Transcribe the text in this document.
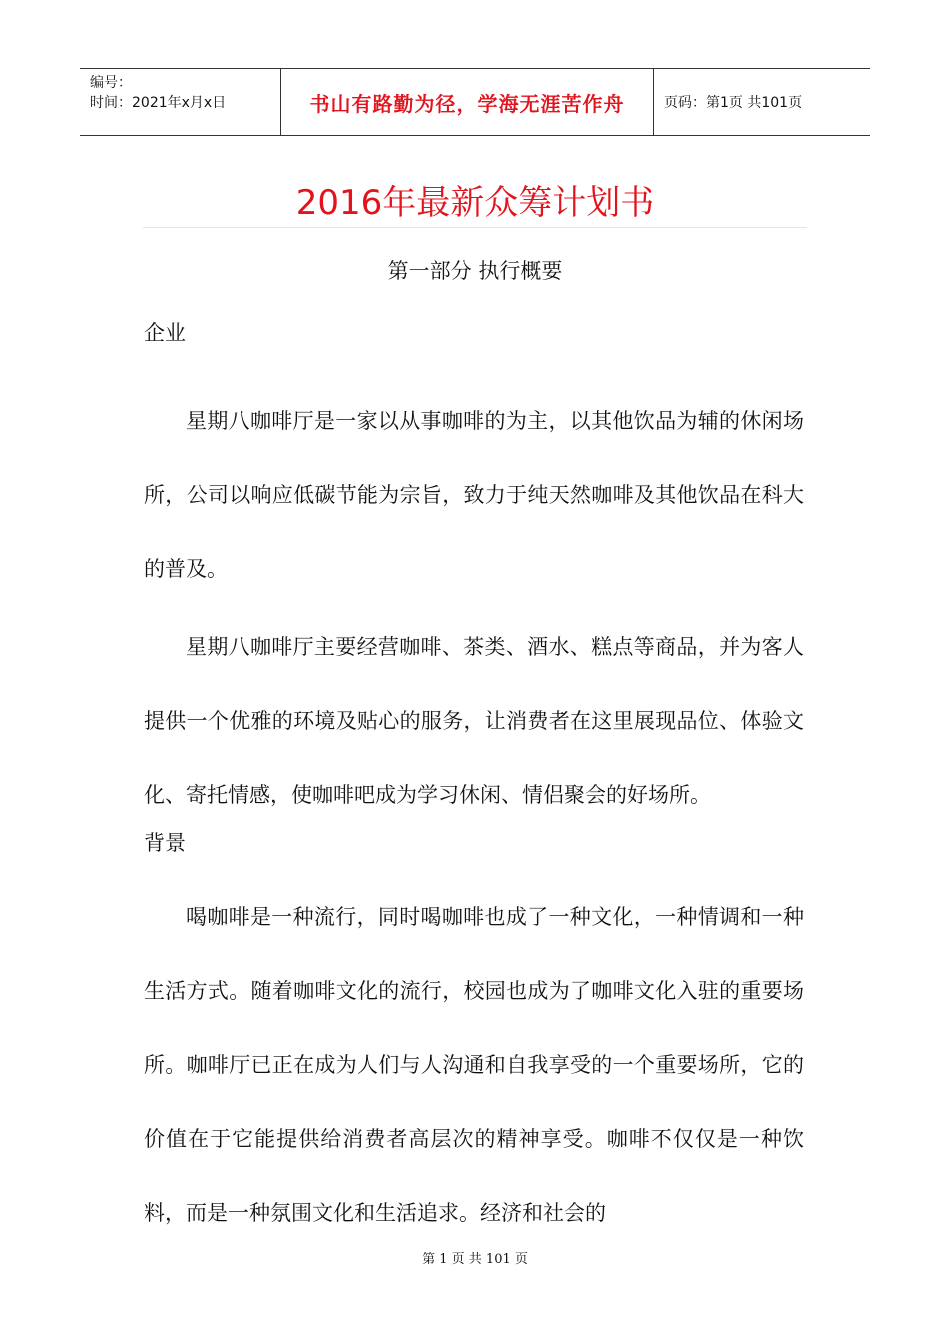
编号：
时间：2021年x月x日	书山有路勤为径，学海无涯苦作舟	页码：第1页 共101页
2016年最新众筹计划书
第一部分 执行概要

企业

星期八咖啡厅是一家以从事咖啡的为主，以其他饮品为辅的休闲场所，公司以响应低碳节能为宗旨，致力于纯天然咖啡及其他饮品在科大的普及。

星期八咖啡厅主要经营咖啡、茶类、酒水、糕点等商品，并为客人提供一个优雅的环境及贴心的服务，让消费者在这里展现品位、体验文化、寄托情感，使咖啡吧成为学习休闲、情侣聚会的好场所。

背景

喝咖啡是一种流行，同时喝咖啡也成了一种文化，一种情调和一种生活方式。随着咖啡文化的流行，校园也成为了咖啡文化入驻的重要场所。咖啡厅已正在成为人们与人沟通和自我享受的一个重要场所，它的价值在于它能提供给消费者高层次的精神享受。咖啡不仅仅是一种饮料，而是一种氛围文化和生活追求。经济和社会的

第 1 页 共 101 页
